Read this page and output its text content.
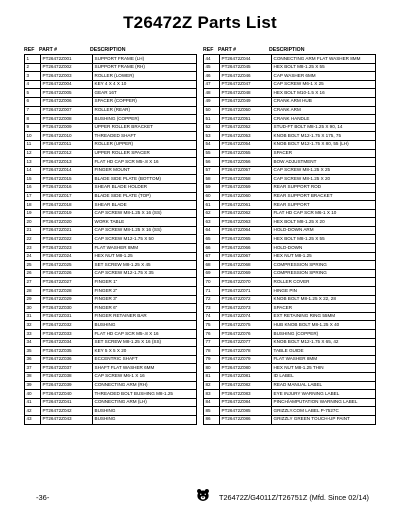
T26472Z Parts List
REF PART #	DESCRIPTION
1	PT26472Z001	SUPPORT FRAME (LH)
2	PT26472Z002	SUPPORT FRAME (RH)
3	PT26472Z003	ROLLER (LOWER)
4	PT26472Z004	KEY 4 X 4 X 10
5	PT26472Z005	GEAR 16T
6	PT26472Z006	SPACER (COPPER)
7	PT26472Z007	ROLLER (REAR)
8	PT26472Z008	BUSHING (COPPER)
9	PT26472Z009	UPPER ROLLER BRACKET
10	PT26472Z010	THREADED SHAFT
11	PT26472Z011	ROLLER (UPPER)
12	PT26472Z012	UPPER ROLLER SPACER
13	PT26472Z013	FLAT HD CAP SCR M5-.8 X 16
14	PT26472Z014	FINGER MOUNT
15	PT26472Z015	BLADE SIDE PLATE (BOTTOM)
16	PT26472Z016	SHEAR BLADE HOLDER
17	PT26472Z017	BLADE SIDE PLATE (TOP)
18	PT26472Z018	SHEAR BLADE
19	PT26472Z019	CAP SCREW M8-1.25 X 16 (SS)
20	PT26472Z020	WORK TABLE
21	PT26472Z021	CAP SCREW M8-1.25 X 16 (SS)
22	PT26472Z022	CAP SCREW M12-1.75 X 50
23	PT26472Z023	FLAT WASHER 8MM
24	PT26472Z024	HEX NUT M8-1.25
25	PT26472Z025	SET SCREW M8-1.25 X 45
26	PT26472Z026	CAP SCREW M12-1.75 X 35
27	PT26472Z027	FINGER 1"
28	PT26472Z028	FINGER 2"
29	PT26472Z029	FINGER 3"
30	PT26472Z030	FINGER 6"
31	PT26472Z031	FINGER RETAINER BAR
32	PT26472Z032	BUSHING
33	PT26472Z033	FLAT HD CAP SCR M5-.8 X 16
34	PT26472Z034	SET SCREW M8-1.25 X 16 (SS)
35	PT26472Z035	KEY 5 X 5 X 20
36	PT26472Z036	ECCENTRIC SHAFT
37	PT26472Z037	SHAFT FLAT WASHER 6MM
38	PT26472Z038	CAP SCREW M6-1 X 16
39	PT26472Z039	CONNECTING ARM (RH)
40	PT26472Z040	THREADED BOLT BUSHING M8-1.25
41	PT26472Z041	CONNECTING ARM (LH)
42	PT26472Z042	BUSHING
43	PT26472Z043	BUSHING
REF PART #	DESCRIPTION
44	PT26472Z044	CONNECTING ARM FLAT WASHER 8MM
45	PT26472Z045	HEX BOLT M8-1.25 X 55
46	PT26472Z046	CAP WASHER 6MM
47	PT26472Z047	CAP SCREW M6-1 X 25
48	PT26472Z048	HEX BOLT M10-1.5 X 16
49	PT26472Z049	CRANK ARM HUB
50	PT26472Z050	CRANK ARM
51	PT26472Z051	CRANK HANDLE
52	PT26472Z052	STUD-FT BOLT M8-1.25 X 90, 14
53	PT26472Z053	KNOB BOLT M12-1.75 X 175, 75
54	PT26472Z054	KNOB BOLT M12-1.75 X 80, 55 (LH)
55	PT26472Z055	SPACER
56	PT26472Z056	BOW ADJUSTMENT
57	PT26472Z057	CAP SCREW M8-1.25 X 25
58	PT26472Z058	CAP SCREW M8-1.25 X 20
59	PT26472Z059	REAR SUPPORT ROD
60	PT26472Z060	REAR SUPPORT BRACKET
61	PT26472Z061	REAR SUPPORT
62	PT26472Z062	FLAT HD CAP SCR M6-1 X 10
63	PT26472Z063	HEX BOLT M8-1.25 X 20
64	PT26472Z064	HOLD-DOWN ARM
65	PT26472Z065	HEX BOLT M8-1.25 X 55
66	PT26472Z066	HOLD-DOWN
67	PT26472Z067	HEX NUT M8-1.25
68	PT26472Z068	COMPRESSION SPRING
69	PT26472Z069	COMPRESSION SPRING
70	PT26472Z070	ROLLER COVER
71	PT26472Z071	HINGE PIN
72	PT26472Z072	KNOB BOLT M8-1.25 X 22, 28
73	PT26472Z073	SPACER
74	PT26472Z074	EXT RETAINING RING 55MM
75	PT26472Z075	HUB KNOB BOLT M8-1.25 X 40
76	PT26472Z076	BUSHING (COPPER)
77	PT26472Z077	KNOB BOLT M12-1.75 X 65, 42
78	PT26472Z078	TABLE GUIDE
79	PT26472Z079	FLAT WASHER 8MM
80	PT26472Z080	HEX NUT M8-1.25 THIN
81	PT26472Z081	ID LABEL
82	PT26472Z082	READ MANUAL LABEL
83	PT26472Z083	EYE INJURY WARNING LABEL
84	PT26472Z084	PINCH/AMPUTATION WARNING LABEL
85	PT26472Z085	GRIZZLY.COM LABEL P-7527C
86	PT26472Z086	GRIZZLY GREEN TOUCH-UP PAINT
-36-	T26472Z/G4011Z/T26751Z (Mfd. Since 02/14)
